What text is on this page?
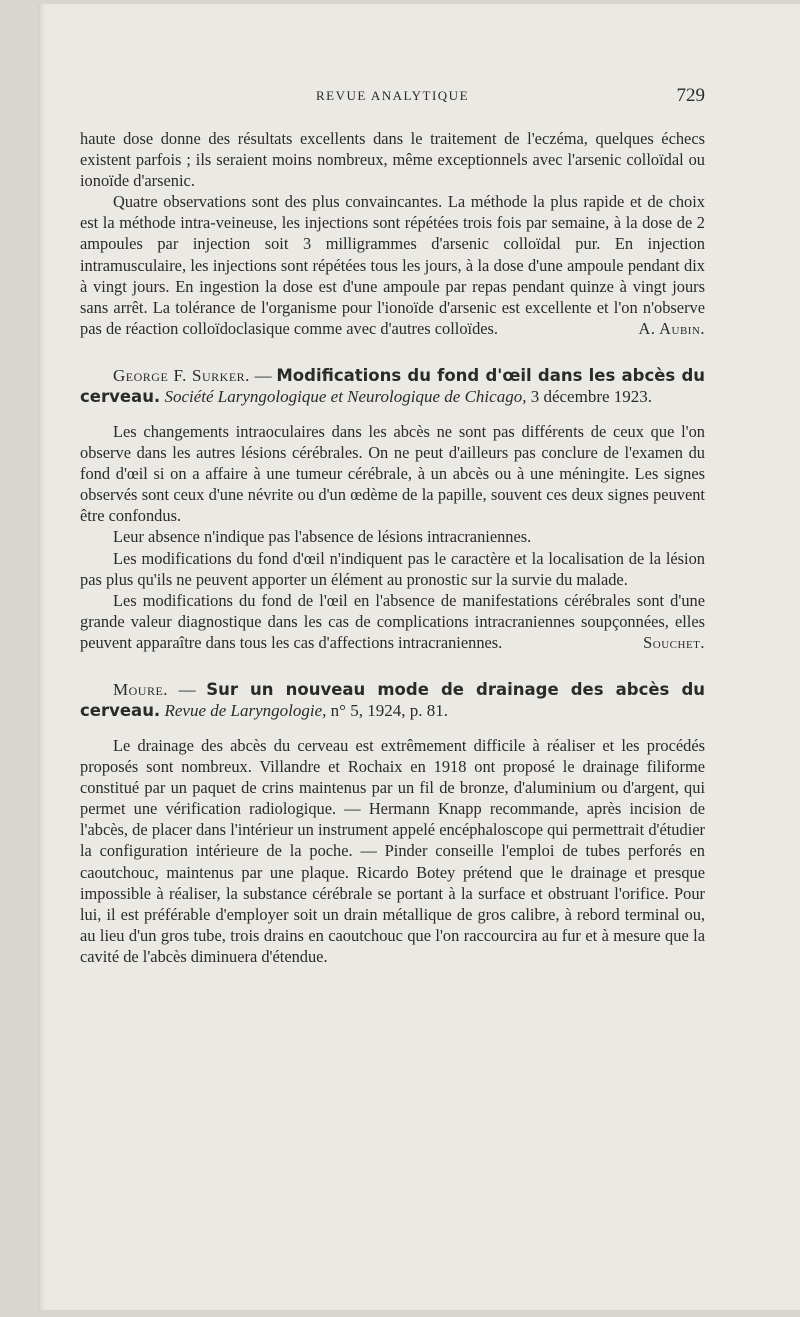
REVUE ANALYTIQUE	729

haute dose donne des résultats excellents dans le traitement de l'eczéma, quelques échecs existent parfois ; ils seraient moins nombreux, même exceptionnels avec l'arsenic colloïdal ou ionoïde d'arsenic.

Quatre observations sont des plus convaincantes. La méthode la plus rapide et de choix est la méthode intra-veineuse, les injections sont répétées trois fois par semaine, à la dose de 2 ampoules par injection soit 3 milligrammes d'arsenic colloïdal pur. En injection intramusculaire, les injections sont répétées tous les jours, à la dose d'une ampoule pendant dix à vingt jours. En ingestion la dose est d'une ampoule par repas pendant quinze à vingt jours sans arrêt. La tolérance de l'organisme pour l'ionoïde d'arsenic est excellente et l'on n'observe pas de réaction colloïdoclasique comme avec d'autres colloïdes.	A. Aubin.

George F. Surker. — Modifications du fond d'œil dans les abcès du cerveau. Société Laryngologique et Neurologique de Chicago, 3 décembre 1923.

Les changements intraoculaires dans les abcès ne sont pas différents de ceux que l'on observe dans les autres lésions cérébrales. On ne peut d'ailleurs pas conclure de l'examen du fond d'œil si on a affaire à une tumeur cérébrale, à un abcès ou à une méningite. Les signes observés sont ceux d'une névrite ou d'un œdème de la papille, souvent ces deux signes peuvent être confondus.

Leur absence n'indique pas l'absence de lésions intracraniennes.

Les modifications du fond d'œil n'indiquent pas le caractère et la localisation de la lésion pas plus qu'ils ne peuvent apporter un élément au pronostic sur la survie du malade.

Les modifications du fond de l'œil en l'absence de manifestations cérébrales sont d'une grande valeur diagnostique dans les cas de complications intracraniennes soupçonnées, elles peuvent apparaître dans tous les cas d'affections intracraniennes.	Souchet.

Moure. — Sur un nouveau mode de drainage des abcès du cerveau. Revue de Laryngologie, n° 5, 1924, p. 81.

Le drainage des abcès du cerveau est extrêmement difficile à réaliser et les procédés proposés sont nombreux. Villandre et Rochaix en 1918 ont proposé le drainage filiforme constitué par un paquet de crins maintenus par un fil de bronze, d'aluminium ou d'argent, qui permet une vérification radiologique. — Hermann Knapp recommande, après incision de l'abcès, de placer dans l'intérieur un instrument appelé encéphaloscope qui permettrait d'étudier la configuration intérieure de la poche. — Pinder conseille l'emploi de tubes perforés en caoutchouc, maintenus par une plaque. Ricardo Botey prétend que le drainage et presque impossible à réaliser, la substance cérébrale se portant à la surface et obstruant l'orifice. Pour lui, il est préférable d'employer soit un drain métallique de gros calibre, à rebord terminal ou, au lieu d'un gros tube, trois drains en caoutchouc que l'on raccourcira au fur et à mesure que la cavité de l'abcès diminuera d'étendue.
